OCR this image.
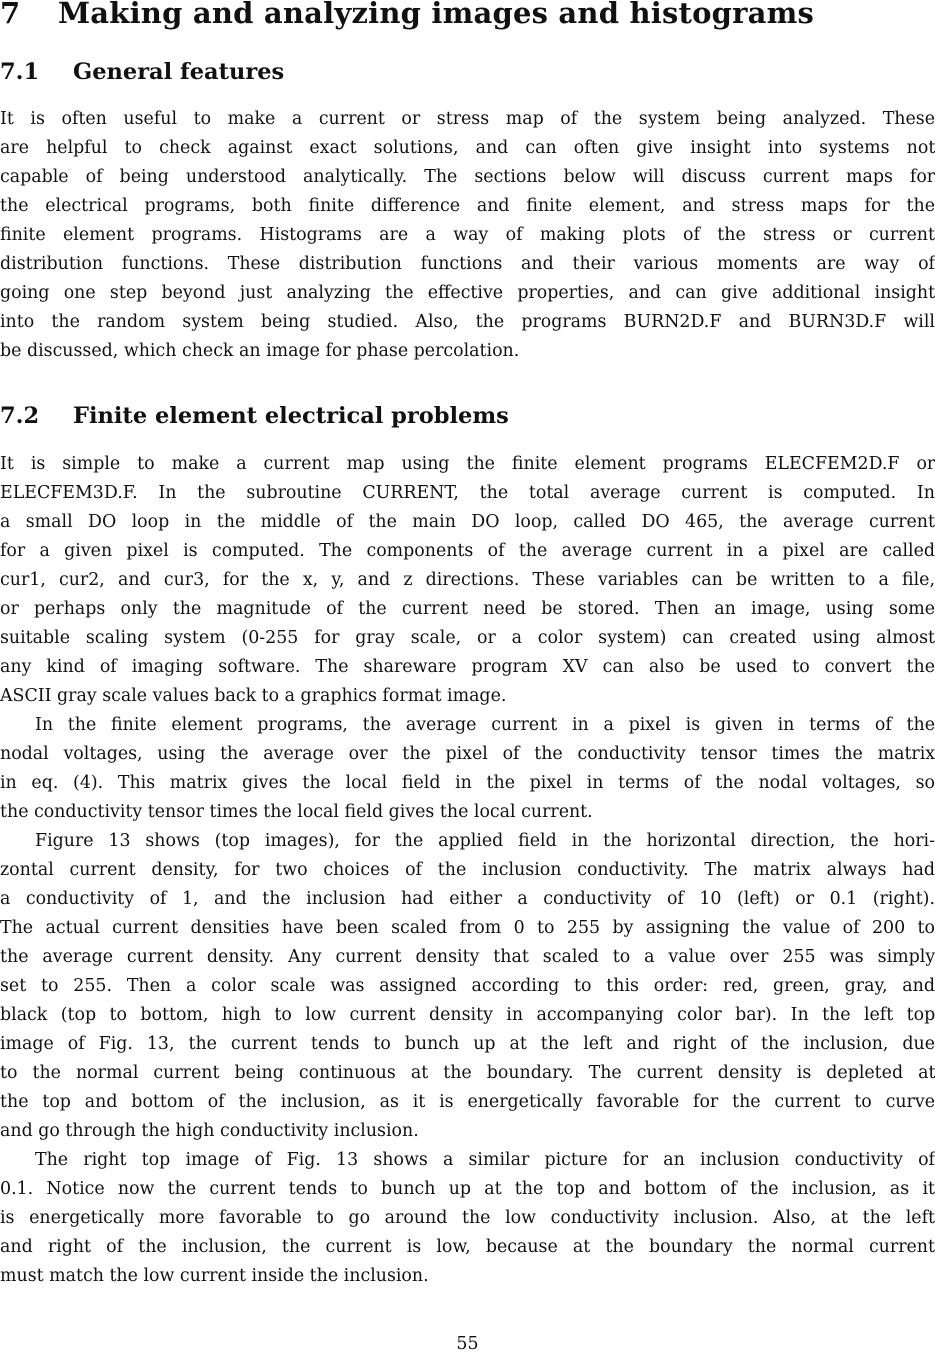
7 Making and analyzing images and histograms
7.1 General features
It is often useful to make a current or stress map of the system being analyzed. These
are helpful to check against exact solutions, and can often give insight into systems not
capable of being understood analytically. The sections below will discuss current maps for
the electrical programs, both finite difference and finite element, and stress maps for the
finite element programs. Histograms are a way of making plots of the stress or current
distribution functions. These distribution functions and their various moments are way of
going one step beyond just analyzing the effective properties, and can give additional insight
into the random system being studied. Also, the programs BURN2D.F and BURN3D.F will
be discussed, which check an image for phase percolation.
7.2 Finite element electrical problems
It is simple to make a current map using the finite element programs ELECFEM2D.F or
ELECFEM3D.F. In the subroutine CURRENT, the total average current is computed. In
a small DO loop in the middle of the main DO loop, called DO 465, the average current
for a given pixel is computed. The components of the average current in a pixel are called
cur1, cur2, and cur3, for the x, y, and z directions. These variables can be written to a file,
or perhaps only the magnitude of the current need be stored. Then an image, using some
suitable scaling system (0-255 for gray scale, or a color system) can created using almost
any kind of imaging software. The shareware program XV can also be used to convert the
ASCII gray scale values back to a graphics format image.
In the finite element programs, the average current in a pixel is given in terms of the
nodal voltages, using the average over the pixel of the conductivity tensor times the matrix
in eq. (4). This matrix gives the local field in the pixel in terms of the nodal voltages, so
the conductivity tensor times the local field gives the local current.
Figure 13 shows (top images), for the applied field in the horizontal direction, the hori-
zontal current density, for two choices of the inclusion conductivity. The matrix always had
a conductivity of 1, and the inclusion had either a conductivity of 10 (left) or 0.1 (right).
The actual current densities have been scaled from 0 to 255 by assigning the value of 200 to
the average current density. Any current density that scaled to a value over 255 was simply
set to 255. Then a color scale was assigned according to this order: red, green, gray, and
black (top to bottom, high to low current density in accompanying color bar). In the left top
image of Fig. 13, the current tends to bunch up at the left and right of the inclusion, due
to the normal current being continuous at the boundary. The current density is depleted at
the top and bottom of the inclusion, as it is energetically favorable for the current to curve
and go through the high conductivity inclusion.
The right top image of Fig. 13 shows a similar picture for an inclusion conductivity of
0.1. Notice now the current tends to bunch up at the top and bottom of the inclusion, as it
is energetically more favorable to go around the low conductivity inclusion. Also, at the left
and right of the inclusion, the current is low, because at the boundary the normal current
must match the low current inside the inclusion.
55
